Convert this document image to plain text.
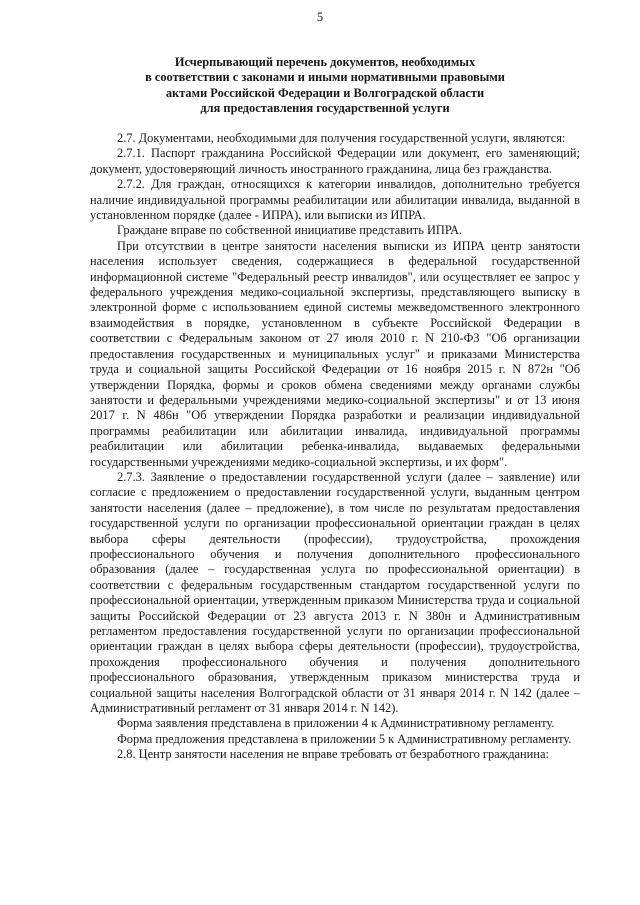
5
Исчерпывающий перечень документов, необходимых
в соответствии с законами и иными нормативными правовыми
актами Российской Федерации и Волгоградской области
для предоставления государственной услуги

2.7. Документами, необходимыми для получения государственной услуги, являются:

2.7.1. Паспорт гражданина Российской Федерации или документ, его заменяющий; документ, удостоверяющий личность иностранного гражданина, лица без гражданства.

2.7.2. Для граждан, относящихся к категории инвалидов, дополнительно требуется наличие индивидуальной программы реабилитации или абилитации инвалида, выданной в установленном порядке (далее - ИПРА), или выписки из ИПРА.

Граждане вправе по собственной инициативе представить ИПРА.

При отсутствии в центре занятости населения выписки из ИПРА центр занятости населения использует сведения, содержащиеся в федеральной государственной информационной системе "Федеральный реестр инвалидов", или осуществляет ее запрос у федерального учреждения медико-социальной экспертизы, представляющего выписку в электронной форме с использованием единой системы межведомственного электронного взаимодействия в порядке, установленном в субъекте Российской Федерации в соответствии с Федеральным законом от 27 июля 2010 г. N 210-ФЗ "Об организации предоставления государственных и муниципальных услуг" и приказами Министерства труда и социальной защиты Российской Федерации от 16 ноября 2015 г. N 872н "Об утверждении Порядка, формы и сроков обмена сведениями между органами службы занятости и федеральными учреждениями медико-социальной экспертизы" и от 13 июня 2017 г. N 486н "Об утверждении Порядка разработки и реализации индивидуальной программы реабилитации или абилитации инвалида, индивидуальной программы реабилитации или абилитации ребенка-инвалида, выдаваемых федеральными государственными учреждениями медико-социальной экспертизы, и их форм".

2.7.3. Заявление о предоставлении государственной услуги (далее – заявление) или согласие с предложением о предоставлении государственной услуги, выданным центром занятости населения (далее – предложение), в том числе по результатам предоставления государственной услуги по организации профессиональной ориентации граждан в целях выбора сферы деятельности (профессии), трудоустройства, прохождения профессионального обучения и получения дополнительного профессионального образования (далее – государственная услуга по профессиональной ориентации) в соответствии с федеральным государственным стандартом государственной услуги по профессиональной ориентации, утвержденным приказом Министерства труда и социальной защиты Российской Федерации от 23 августа 2013 г. N 380н и Административным регламентом предоставления государственной услуги по организации профессиональной ориентации граждан в целях выбора сферы деятельности (профессии), трудоустройства, прохождения профессионального обучения и получения дополнительного профессионального образования, утвержденным приказом министерства труда и социальной защиты населения Волгоградской области от 31 января 2014 г. N 142 (далее – Административный регламент от 31 января 2014 г. N 142).

Форма заявления представлена в приложении 4 к Административному регламенту.

Форма предложения представлена в приложении 5 к Административному регламенту.

2.8. Центр занятости населения не вправе требовать от безработного гражданина:
